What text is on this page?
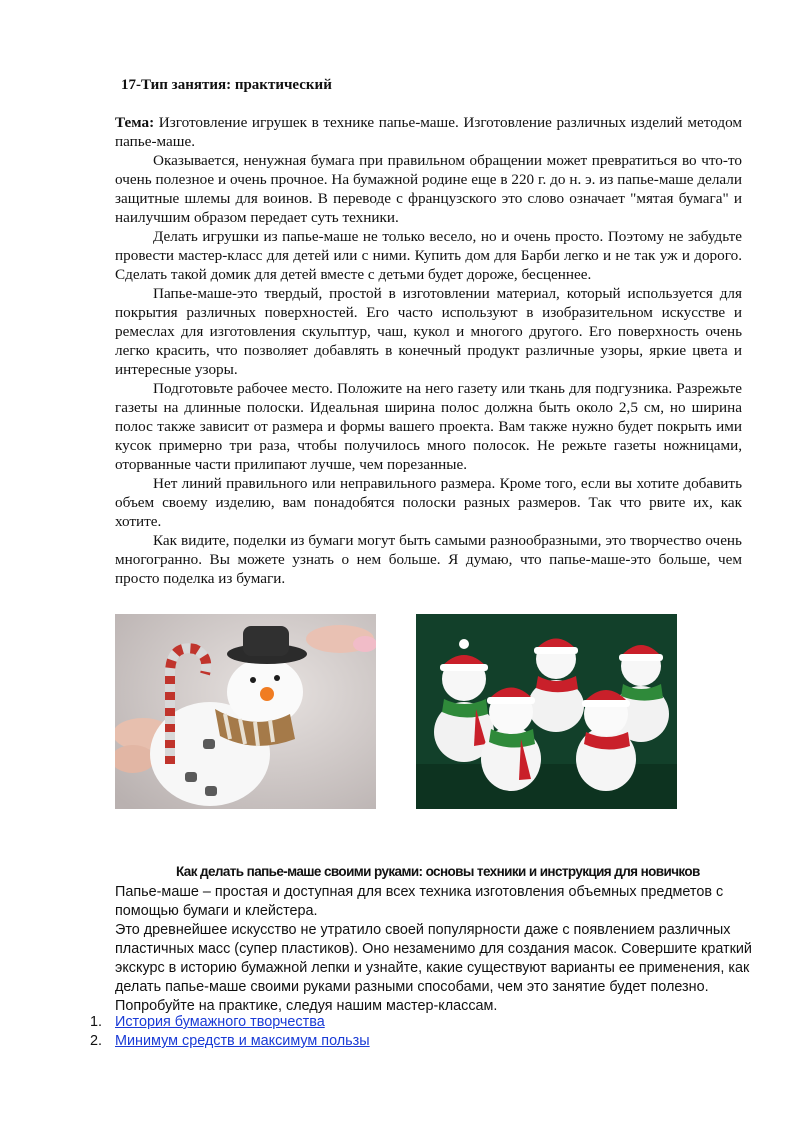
17-Тип занятия: практический

Тема: Изготовление игрушек в технике папье-маше. Изготовление различных изделий методом папье-маше.

Оказывается, ненужная бумага при правильном обращении может превратиться во что-то очень полезное и очень прочное. На бумажной родине еще в 220 г. до н. э. из папье-маше делали защитные шлемы для воинов. В переводе с французского это слово означает "мятая бумага" и наилучшим образом передает суть техники.

Делать игрушки из папье-маше не только весело, но и очень просто. Поэтому не забудьте провести мастер-класс для детей или с ними. Купить дом для Барби легко и не так уж и дорого. Сделать такой домик для детей вместе с детьми будет дороже, бесценнее.

Папье-маше-это твердый, простой в изготовлении материал, который используется для покрытия различных поверхностей. Его часто используют в изобразительном искусстве и ремеслах для изготовления скульптур, чаш, кукол и многого другого. Его поверхность очень легко красить, что позволяет добавлять в конечный продукт различные узоры, яркие цвета и интересные узоры.

Подготовьте рабочее место. Положите на него газету или ткань для подгузника. Разрежьте газеты на длинные полоски. Идеальная ширина полос должна быть около 2,5 см, но ширина полос также зависит от размера и формы вашего проекта. Вам также нужно будет покрыть ими кусок примерно три раза, чтобы получилось много полосок. Не режьте газеты ножницами, оторванные части прилипают лучше, чем порезанные.

Нет линий правильного или неправильного размера. Кроме того, если вы хотите добавить объем своему изделию, вам понадобятся полоски разных размеров. Так что рвите их, как хотите.

Как видите, поделки из бумаги могут быть самыми разнообразными, это творчество очень многогранно. Вы можете узнать о нем больше. Я думаю, что папье-маше-это больше, чем просто поделка из бумаги.

Как делать папье-маше своими руками: основы техники и инструкция для новичков

Папье-маше – простая и доступная для всех техника изготовления объемных предметов с помощью бумаги и клейстера.

Это древнейшее искусство не утратило своей популярности даже с появлением различных пластичных масс (супер пластиков). Оно незаменимо для создания масок. Совершите краткий экскурс в историю бумажной лепки и узнайте, какие существуют варианты ее применения, как делать папье-маше своими руками разными способами, чем это занятие будет полезно. Попробуйте на практике, следуя нашим мастер-классам.

1. История бумажного творчества
2. Минимум средств и максимум пользы
